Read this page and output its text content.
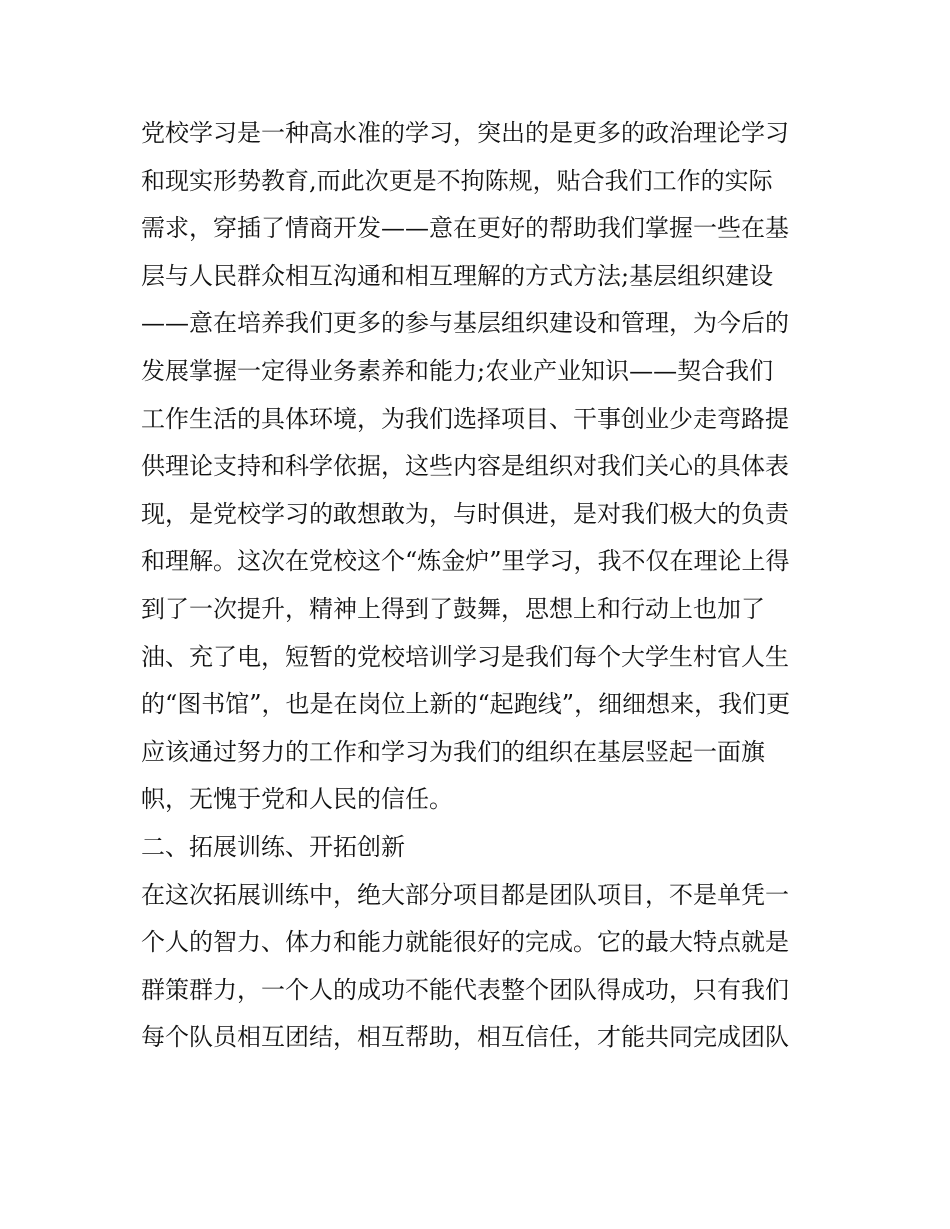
党校学习是一种高水准的学习，突出的是更多的政治理论学习
和现实形势教育,而此次更是不拘陈规，贴合我们工作的实际
需求，穿插了情商开发——意在更好的帮助我们掌握一些在基
层与人民群众相互沟通和相互理解的方式方法;基层组织建设
——意在培养我们更多的参与基层组织建设和管理，为今后的
发展掌握一定得业务素养和能力;农业产业知识——契合我们
工作生活的具体环境，为我们选择项目、干事创业少走弯路提
供理论支持和科学依据，这些内容是组织对我们关心的具体表
现，是党校学习的敢想敢为，与时俱进，是对我们极大的负责
和理解。这次在党校这个“炼金炉”里学习，我不仅在理论上得
到了一次提升，精神上得到了鼓舞，思想上和行动上也加了
油、充了电，短暂的党校培训学习是我们每个大学生村官人生
的“图书馆”，也是在岗位上新的“起跑线”，细细想来，我们更
应该通过努力的工作和学习为我们的组织在基层竖起一面旗
帜，无愧于党和人民的信任。
二、拓展训练、开拓创新
在这次拓展训练中，绝大部分项目都是团队项目，不是单凭一
个人的智力、体力和能力就能很好的完成。它的最大特点就是
群策群力，一个人的成功不能代表整个团队得成功，只有我们
每个队员相互团结，相互帮助，相互信任，才能共同完成团队
